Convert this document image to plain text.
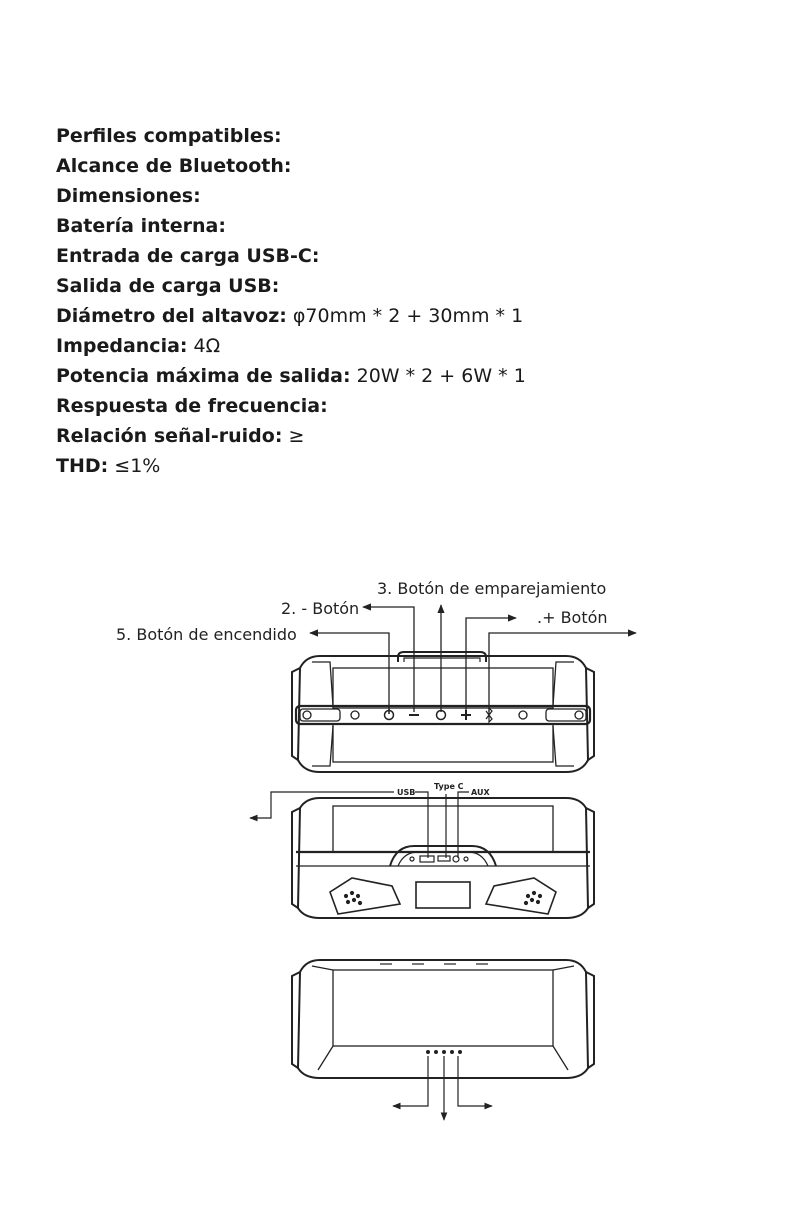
Perfiles compatibles:
Alcance de Bluetooth:
Dimensiones:
Batería interna:
Entrada de carga USB-C:
Salida de carga USB:
Diámetro del altavoz: φ70mm * 2 + 30mm * 1
Impedancia: 4Ω
Potencia máxima de salida: 20W * 2 + 6W * 1
Respuesta de frecuencia:
Relación señal-ruido: ≥
THD: ≤1%
3. Botón de emparejamiento
2. - Botón	.+ Botón
5. Botón de encendido
USB
Type C
AUX
